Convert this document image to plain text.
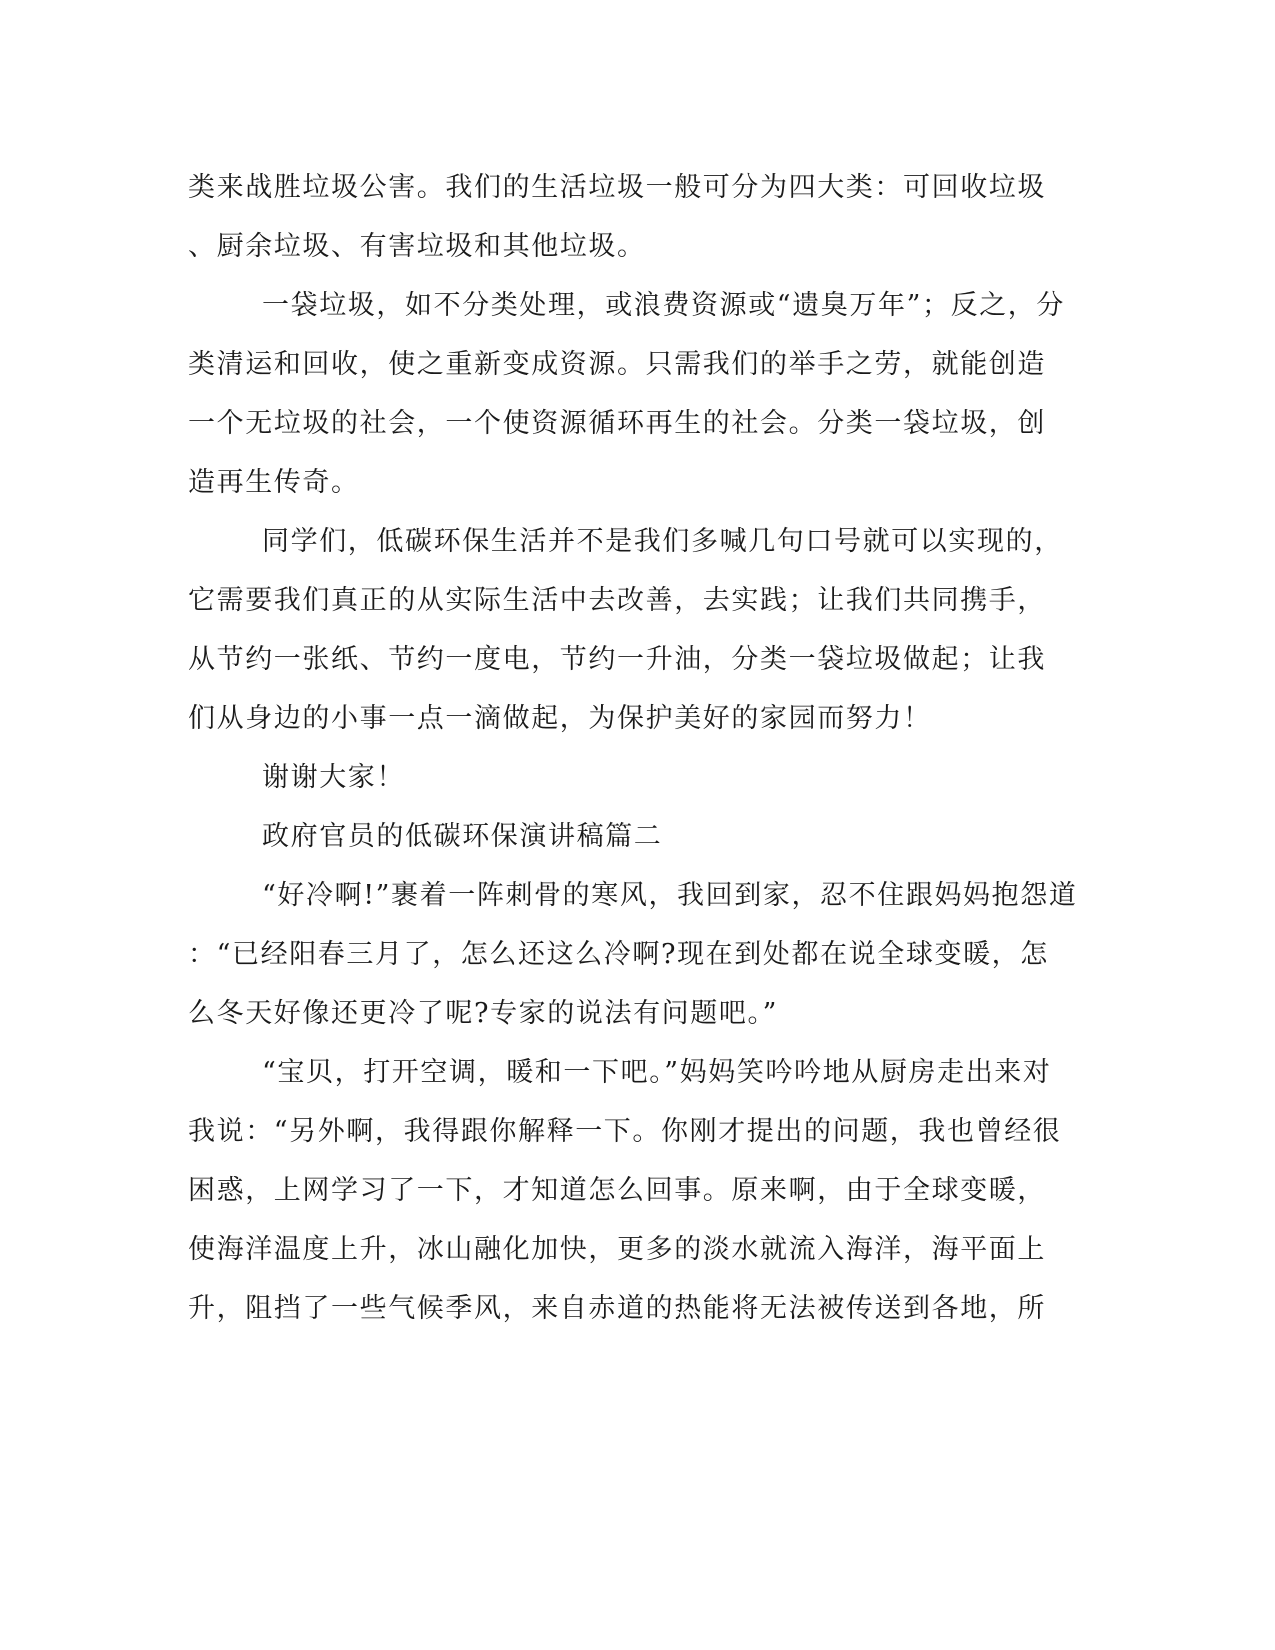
类来战胜垃圾公害。我们的生活垃圾一般可分为四大类：可回收垃圾
、厨余垃圾、有害垃圾和其他垃圾。
一袋垃圾，如不分类处理，或浪费资源或“遗臭万年”；反之，分
类清运和回收，使之重新变成资源。只需我们的举手之劳，就能创造
一个无垃圾的社会，一个使资源循环再生的社会。分类一袋垃圾，创
造再生传奇。
同学们，低碳环保生活并不是我们多喊几句口号就可以实现的，
它需要我们真正的从实际生活中去改善，去实践；让我们共同携手，
从节约一张纸、节约一度电，节约一升油，分类一袋垃圾做起；让我
们从身边的小事一点一滴做起，为保护美好的家园而努力！
谢谢大家！
政府官员的低碳环保演讲稿篇二
“好冷啊!”裹着一阵刺骨的寒风，我回到家，忍不住跟妈妈抱怨道
：“已经阳春三月了，怎么还这么冷啊?现在到处都在说全球变暖，怎
么冬天好像还更冷了呢?专家的说法有问题吧。”
“宝贝，打开空调，暖和一下吧。”妈妈笑吟吟地从厨房走出来对
我说：“另外啊，我得跟你解释一下。你刚才提出的问题，我也曾经很
困惑，上网学习了一下，才知道怎么回事。原来啊，由于全球变暖，
使海洋温度上升，冰山融化加快，更多的淡水就流入海洋，海平面上
升，阻挡了一些气候季风，来自赤道的热能将无法被传送到各地，所
